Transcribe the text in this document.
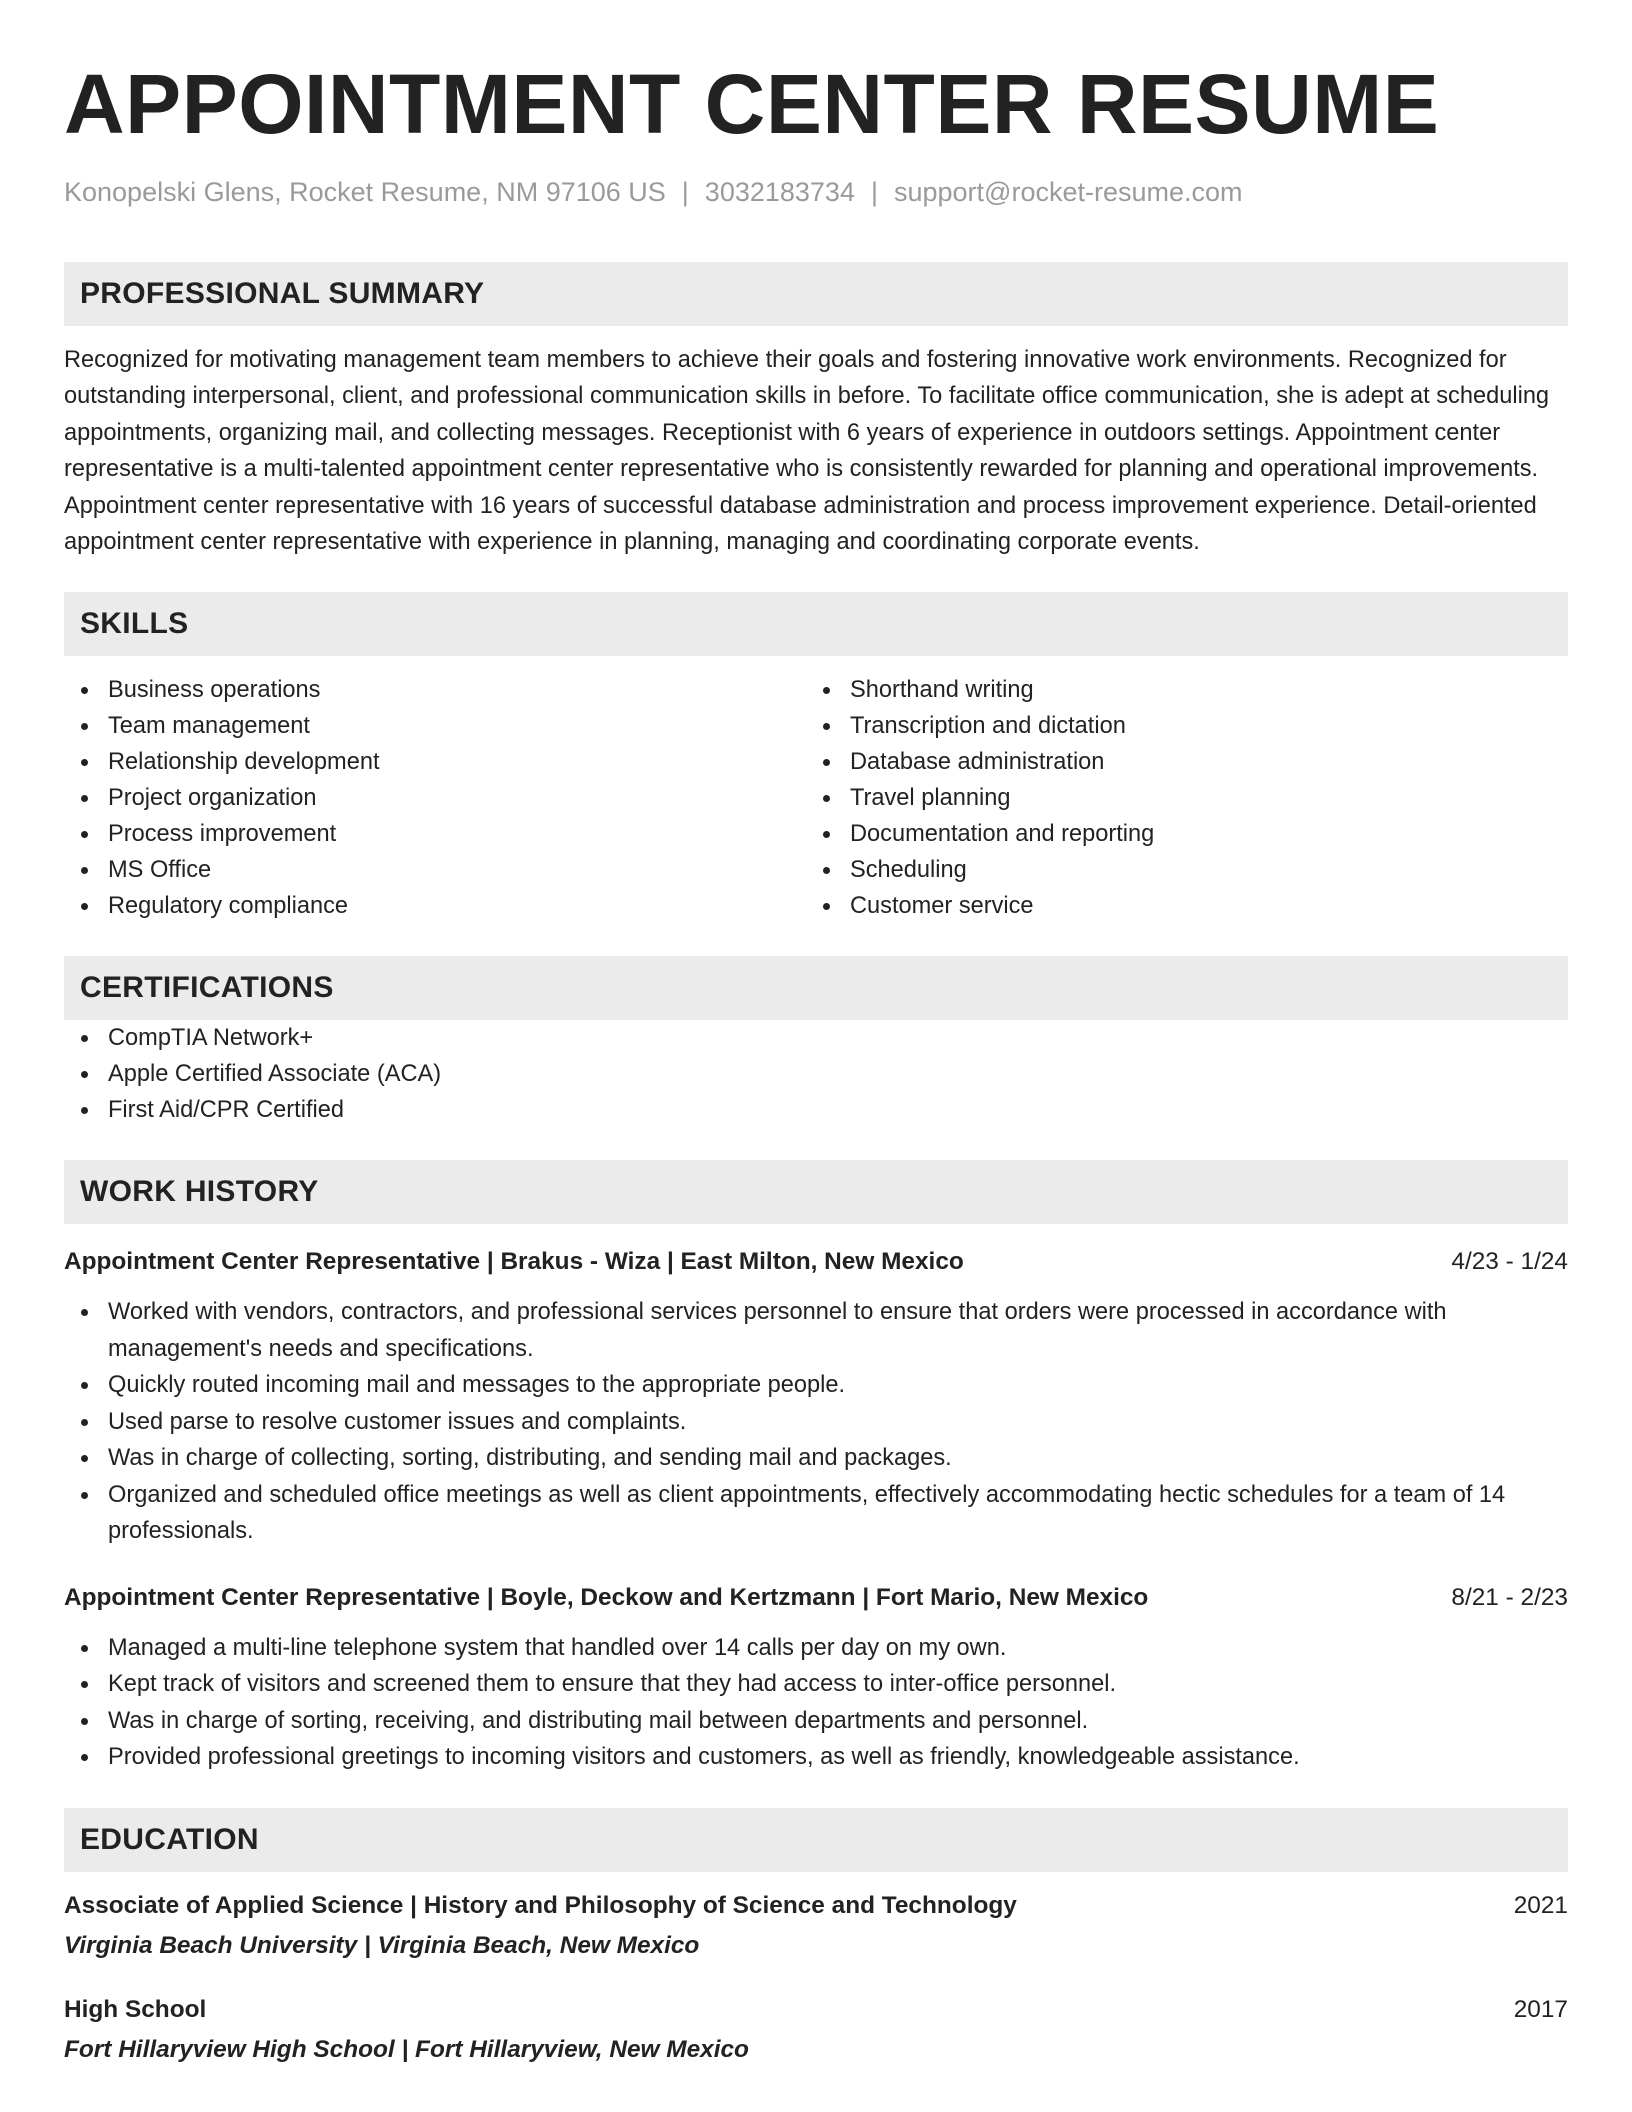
APPOINTMENT CENTER RESUME
Konopelski Glens, Rocket Resume, NM 97106 US | 3032183734 | support@rocket-resume.com
PROFESSIONAL SUMMARY
Recognized for motivating management team members to achieve their goals and fostering innovative work environments. Recognized for outstanding interpersonal, client, and professional communication skills in before. To facilitate office communication, she is adept at scheduling appointments, organizing mail, and collecting messages. Receptionist with 6 years of experience in outdoors settings. Appointment center representative is a multi-talented appointment center representative who is consistently rewarded for planning and operational improvements. Appointment center representative with 16 years of successful database administration and process improvement experience. Detail-oriented appointment center representative with experience in planning, managing and coordinating corporate events.
SKILLS
Business operations
Team management
Relationship development
Project organization
Process improvement
MS Office
Regulatory compliance
Shorthand writing
Transcription and dictation
Database administration
Travel planning
Documentation and reporting
Scheduling
Customer service
CERTIFICATIONS
CompTIA Network+
Apple Certified Associate (ACA)
First Aid/CPR Certified
WORK HISTORY
Appointment Center Representative | Brakus - Wiza | East Milton, New Mexico	4/23 - 1/24
Worked with vendors, contractors, and professional services personnel to ensure that orders were processed in accordance with management's needs and specifications.
Quickly routed incoming mail and messages to the appropriate people.
Used parse to resolve customer issues and complaints.
Was in charge of collecting, sorting, distributing, and sending mail and packages.
Organized and scheduled office meetings as well as client appointments, effectively accommodating hectic schedules for a team of 14 professionals.
Appointment Center Representative | Boyle, Deckow and Kertzmann | Fort Mario, New Mexico	8/21 - 2/23
Managed a multi-line telephone system that handled over 14 calls per day on my own.
Kept track of visitors and screened them to ensure that they had access to inter-office personnel.
Was in charge of sorting, receiving, and distributing mail between departments and personnel.
Provided professional greetings to incoming visitors and customers, as well as friendly, knowledgeable assistance.
EDUCATION
Associate of Applied Science | History and Philosophy of Science and Technology	2021
Virginia Beach University | Virginia Beach, New Mexico
High School	2017
Fort Hillaryview High School | Fort Hillaryview, New Mexico
